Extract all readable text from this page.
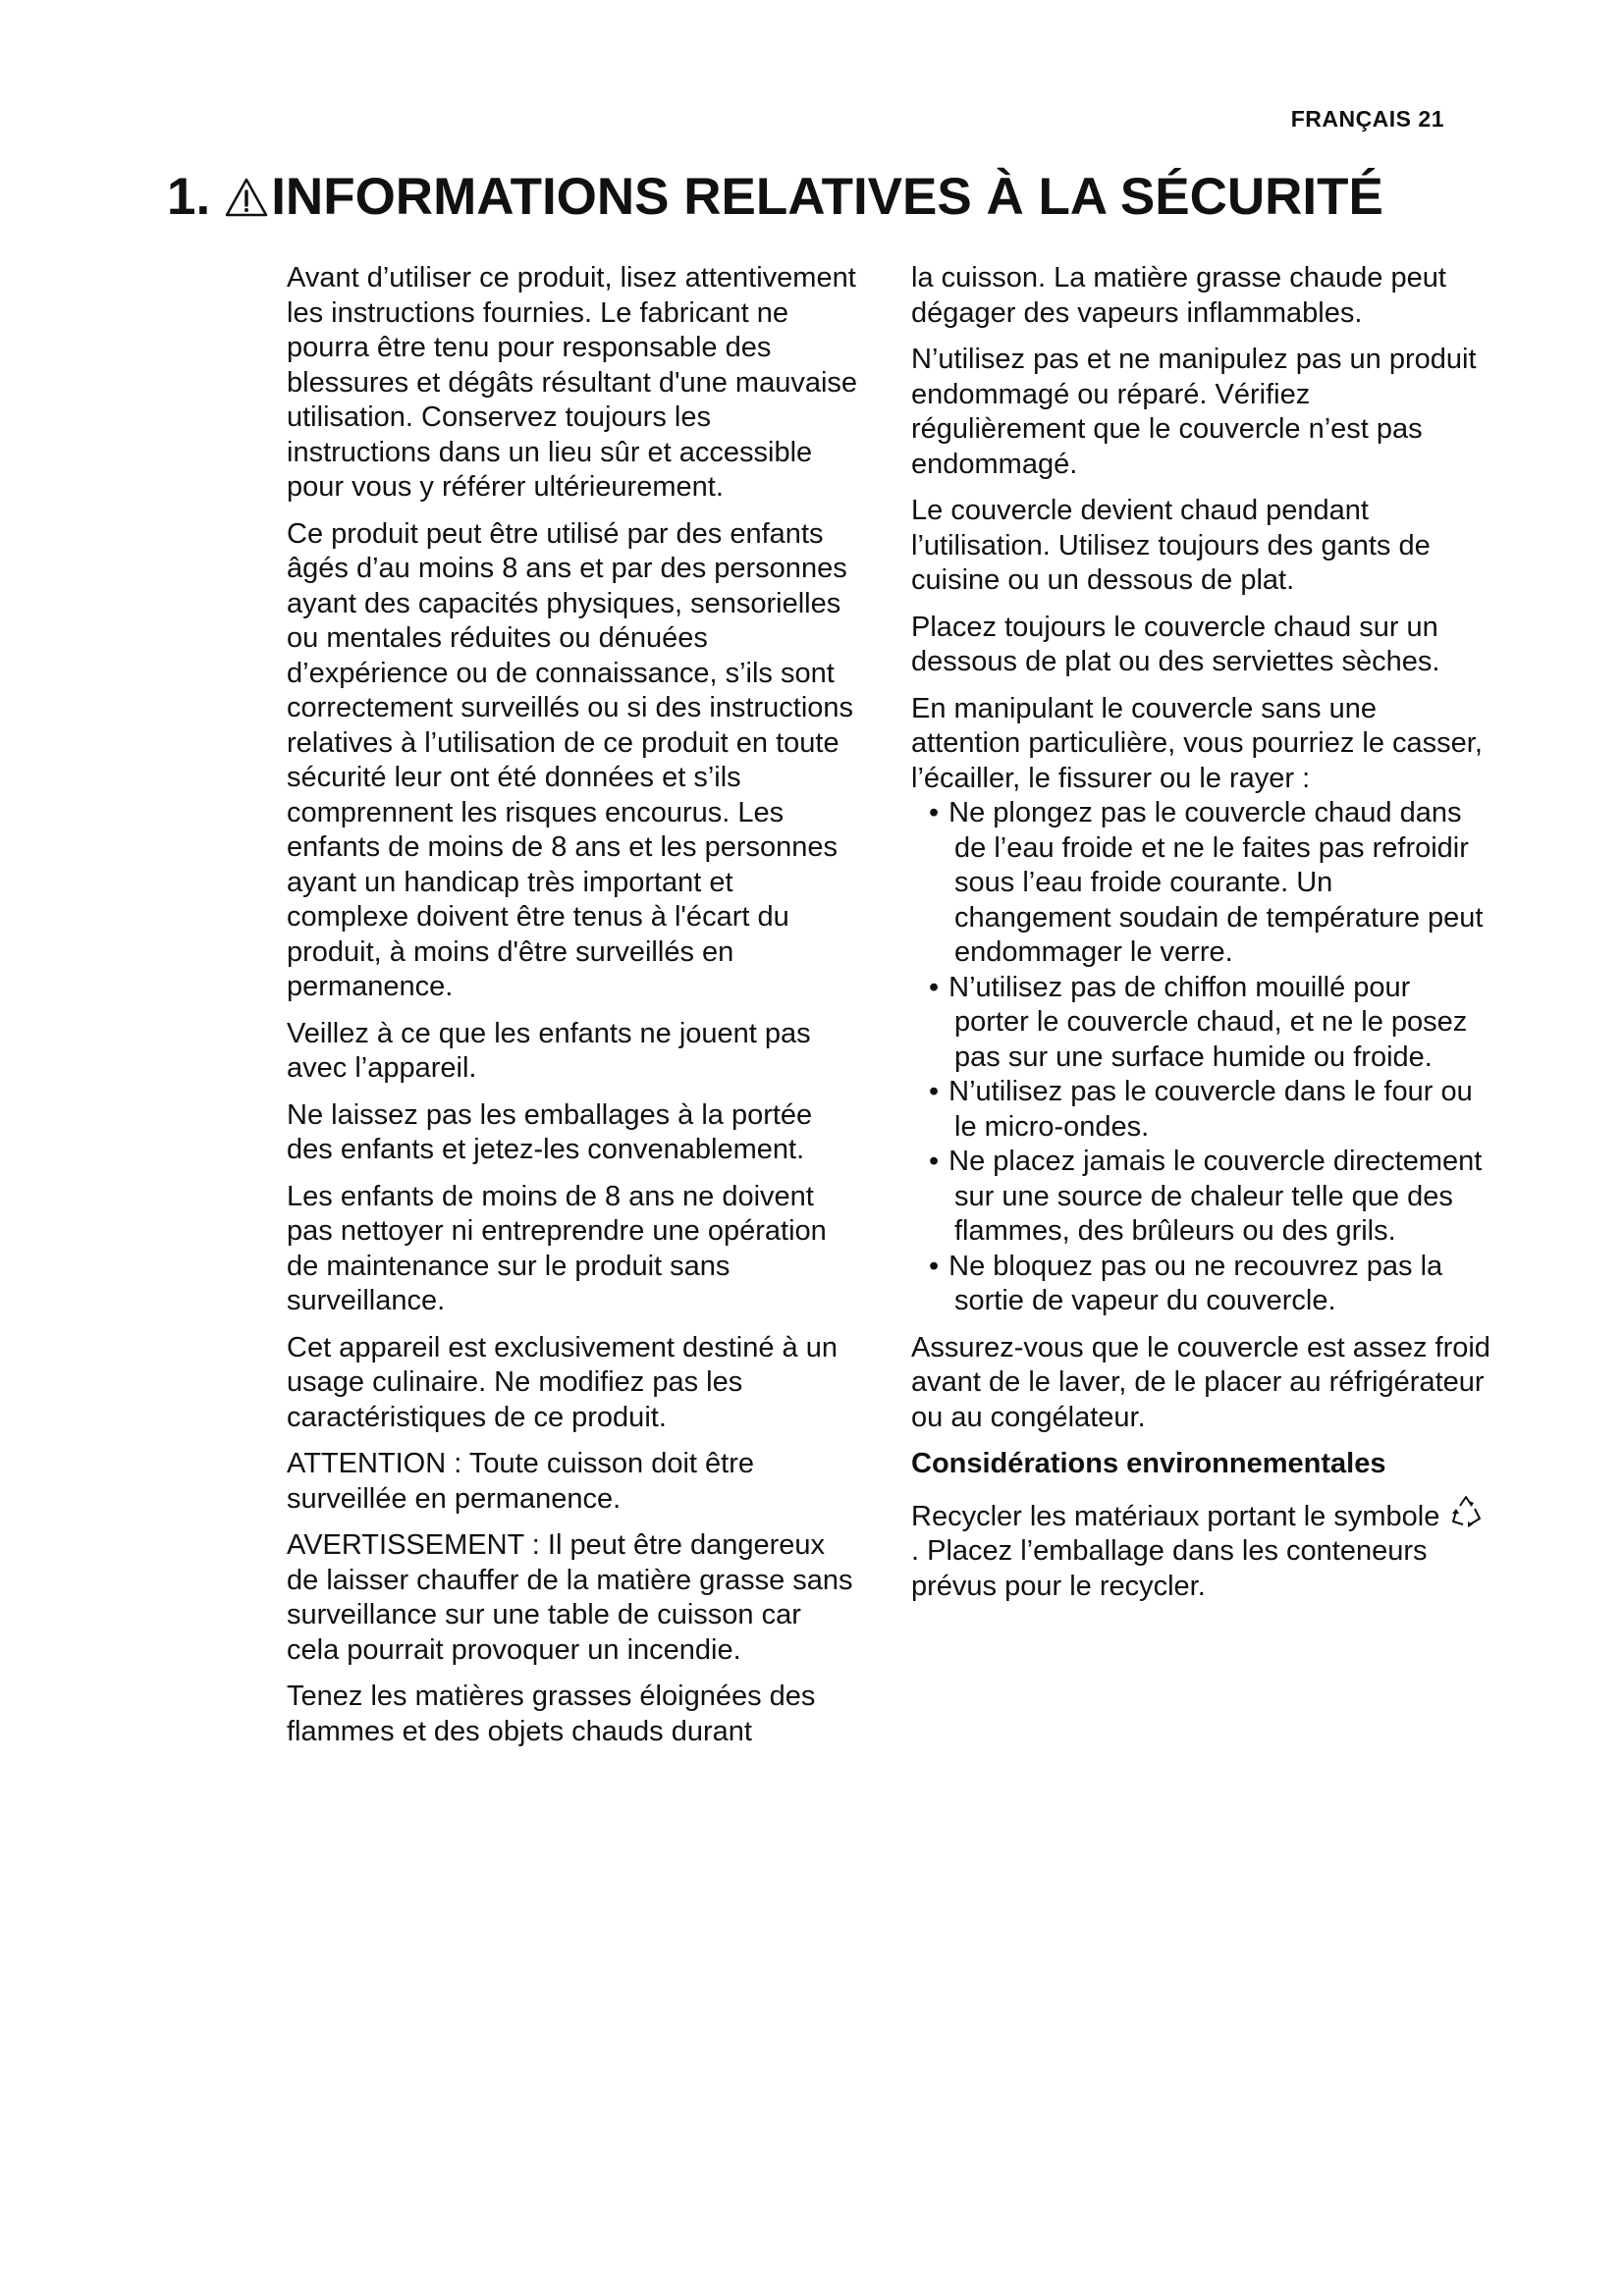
FRANÇAIS 21
1. INFORMATIONS RELATIVES À LA SÉCURITÉ

Avant d’utiliser ce produit, lisez attentivement les instructions fournies. Le fabricant ne pourra être tenu pour responsable des blessures et dégâts résultant d'une mauvaise utilisation. Conservez toujours les instructions dans un lieu sûr et accessible pour vous y référer ultérieurement.

Ce produit peut être utilisé par des enfants âgés d’au moins 8 ans et par des personnes ayant des capacités physiques, sensorielles ou mentales réduites ou dénuées d’expérience ou de connaissance, s’ils sont correctement surveillés ou si des instructions relatives à l’utilisation de ce produit en toute sécurité leur ont été données et s’ils comprennent les risques encourus. Les enfants de moins de 8 ans et les personnes ayant un handicap très important et complexe doivent être tenus à l'écart du produit, à moins d'être surveillés en permanence.

Veillez à ce que les enfants ne jouent pas avec l’appareil.

Ne laissez pas les emballages à la portée des enfants et jetez-les convenablement.

Les enfants de moins de 8 ans ne doivent pas nettoyer ni entreprendre une opération de maintenance sur le produit sans surveillance.

Cet appareil est exclusivement destiné à un usage culinaire. Ne modifiez pas les caractéristiques de ce produit.

ATTENTION : Toute cuisson doit être surveillée en permanence.

AVERTISSEMENT : Il peut être dangereux de laisser chauffer de la matière grasse sans surveillance sur une table de cuisson car cela pourrait provoquer un incendie.

Tenez les matières grasses éloignées des flammes et des objets chauds durant

la cuisson. La matière grasse chaude peut dégager des vapeurs inflammables.

N’utilisez pas et ne manipulez pas un produit endommagé ou réparé. Vérifiez régulièrement que le couvercle n’est pas endommagé.

Le couvercle devient chaud pendant l’utilisation. Utilisez toujours des gants de cuisine ou un dessous de plat.

Placez toujours le couvercle chaud sur un dessous de plat ou des serviettes sèches.

En manipulant le couvercle sans une attention particulière, vous pourriez le casser, l’écailler, le fissurer ou le rayer :

• Ne plongez pas le couvercle chaud dans de l’eau froide et ne le faites pas refroidir sous l’eau froide courante. Un changement soudain de température peut endommager le verre.
• N’utilisez pas de chiffon mouillé pour porter le couvercle chaud, et ne le posez pas sur une surface humide ou froide.
• N’utilisez pas le couvercle dans le four ou le micro-ondes.
• Ne placez jamais le couvercle directement sur une source de chaleur telle que des flammes, des brûleurs ou des grils.
• Ne bloquez pas ou ne recouvrez pas la sortie de vapeur du couvercle.

Assurez-vous que le couvercle est assez froid avant de le laver, de le placer au réfrigérateur ou au congélateur.

Considérations environnementales

Recycler les matériaux portant le symbole
. Placez l’emballage dans les conteneurs prévus pour le recycler.
